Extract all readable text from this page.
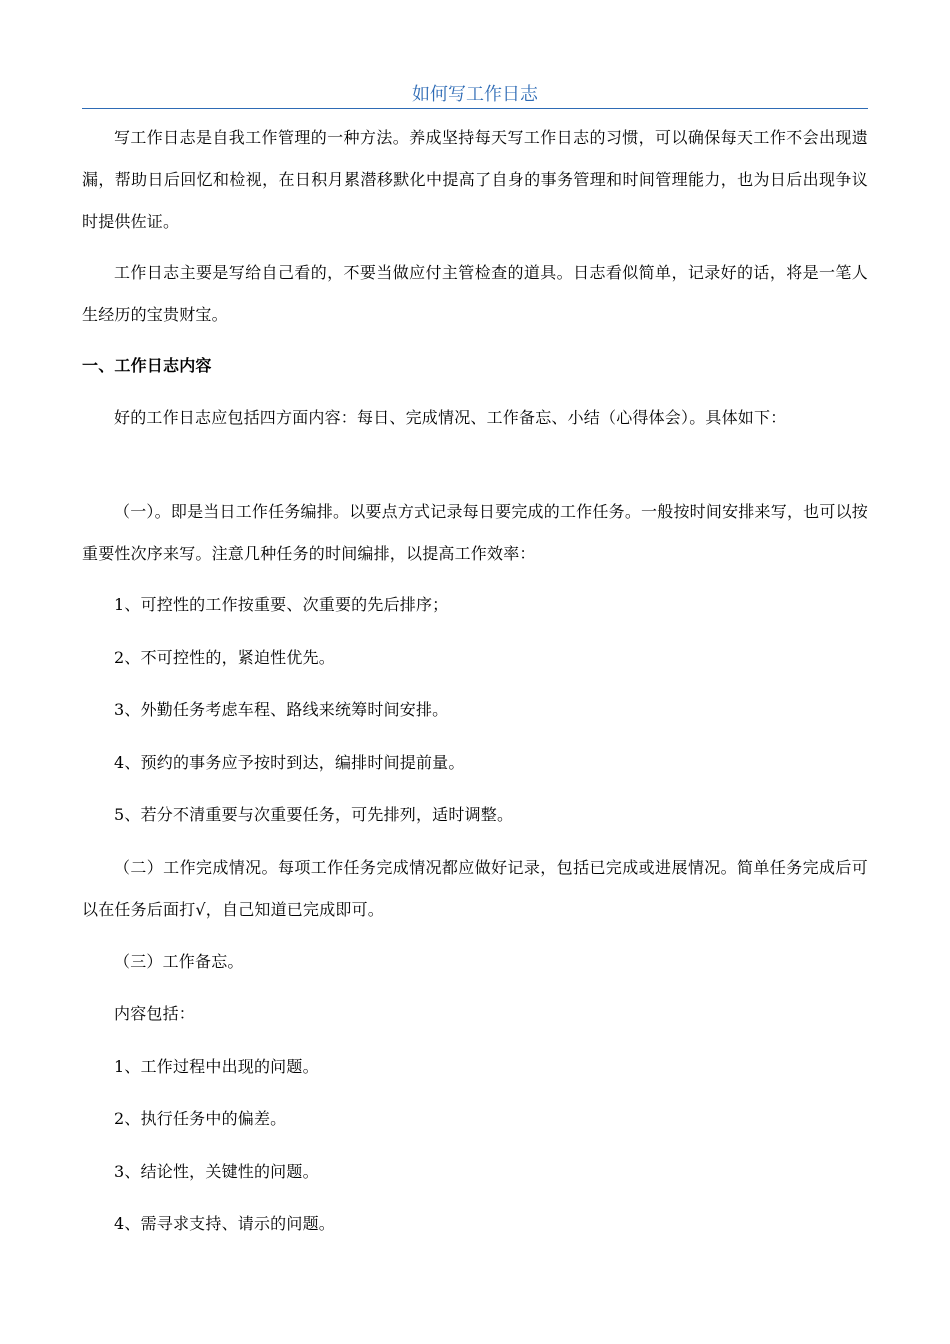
如何写工作日志

写工作日志是自我工作管理的一种方法。养成坚持每天写工作日志的习惯，可以确保每天工作不会出现遗漏，帮助日后回忆和检视，在日积月累潜移默化中提高了自身的事务管理和时间管理能力，也为日后出现争议时提供佐证。

工作日志主要是写给自己看的，不要当做应付主管检查的道具。日志看似简单，记录好的话，将是一笔人生经历的宝贵财宝。

一、工作日志内容

好的工作日志应包括四方面内容：每日、完成情况、工作备忘、小结（心得体会）。具体如下：

（一）。即是当日工作任务编排。以要点方式记录每日要完成的工作任务。一般按时间安排来写，也可以按重要性次序来写。注意几种任务的时间编排，以提高工作效率：

1、可控性的工作按重要、次重要的先后排序；

2、不可控性的，紧迫性优先。

3、外勤任务考虑车程、路线来统筹时间安排。

4、预约的事务应予按时到达，编排时间提前量。

5、若分不清重要与次重要任务，可先排列，适时调整。

（二）工作完成情况。每项工作任务完成情况都应做好记录，包括已完成或进展情况。简单任务完成后可以在任务后面打√，自己知道已完成即可。

（三）工作备忘。

内容包括：

1、工作过程中出现的问题。

2、执行任务中的偏差。

3、结论性，关键性的问题。

4、需寻求支持、请示的问题。
